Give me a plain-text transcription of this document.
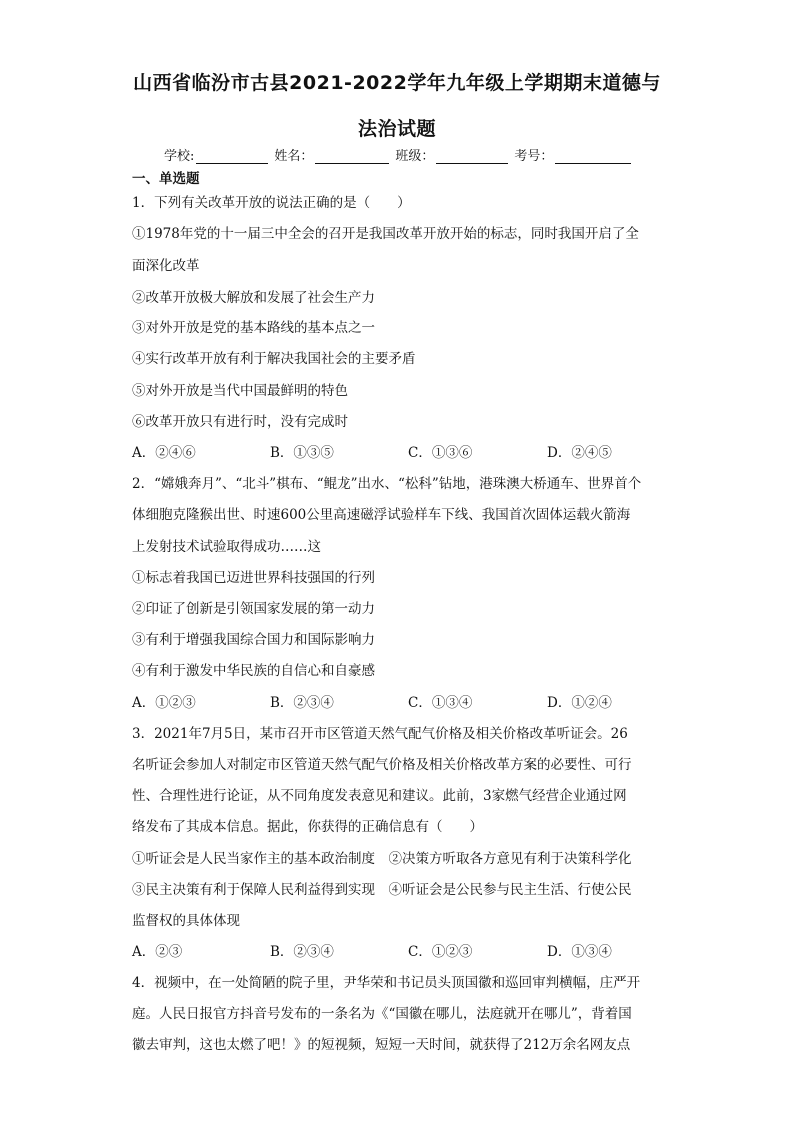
山西省临汾市古县2021-2022学年九年级上学期期末道德与
法治试题
学校:	姓名：	班级：	考号：
一、单选题
1．下列有关改革开放的说法正确的是（　　）
①1978年党的十一届三中全会的召开是我国改革开放开始的标志，同时我国开启了全
面深化改革
②改革开放极大解放和发展了社会生产力
③对外开放是党的基本路线的基本点之一
④实行改革开放有利于解决我国社会的主要矛盾
⑤对外开放是当代中国最鲜明的特色
⑥改革开放只有进行时，没有完成时
A．②④⑥	B．①③⑤	C．①③⑥	D．②④⑤
2．“嫦娥奔月”、“北斗”棋布、“鲲龙”出水、“松科”钻地，港珠澳大桥通车、世界首个
体细胞克隆猴出世、时速600公里高速磁浮试验样车下线、我国首次固体运载火箭海
上发射技术试验取得成功……这
①标志着我国已迈进世界科技强国的行列
②印证了创新是引领国家发展的第一动力
③有利于增强我国综合国力和国际影响力
④有利于激发中华民族的自信心和自豪感
A．①②③	B．②③④	C．①③④	D．①②④
3．2021年7月5日，某市召开市区管道天然气配气价格及相关价格改革听证会。26
名听证会参加人对制定市区管道天然气配气价格及相关价格改革方案的必要性、可行
性、合理性进行论证，从不同角度发表意见和建议。此前，3家燃气经营企业通过网
络发布了其成本信息。据此，你获得的正确信息有（　　）
①听证会是人民当家作主的基本政治制度　②决策方听取各方意见有利于决策科学化
③民主决策有利于保障人民利益得到实现　④听证会是公民参与民主生活、行使公民
监督权的具体体现
A．②③	B．②③④	C．①②③	D．①③④
4．视频中，在一处简陋的院子里，尹华荣和书记员头顶国徽和巡回审判横幅，庄严开
庭。人民日报官方抖音号发布的一条名为《“国徽在哪儿，法庭就开在哪儿”，背着国
徽去审判，这也太燃了吧！》的短视频，短短一天时间，就获得了212万余名网友点
